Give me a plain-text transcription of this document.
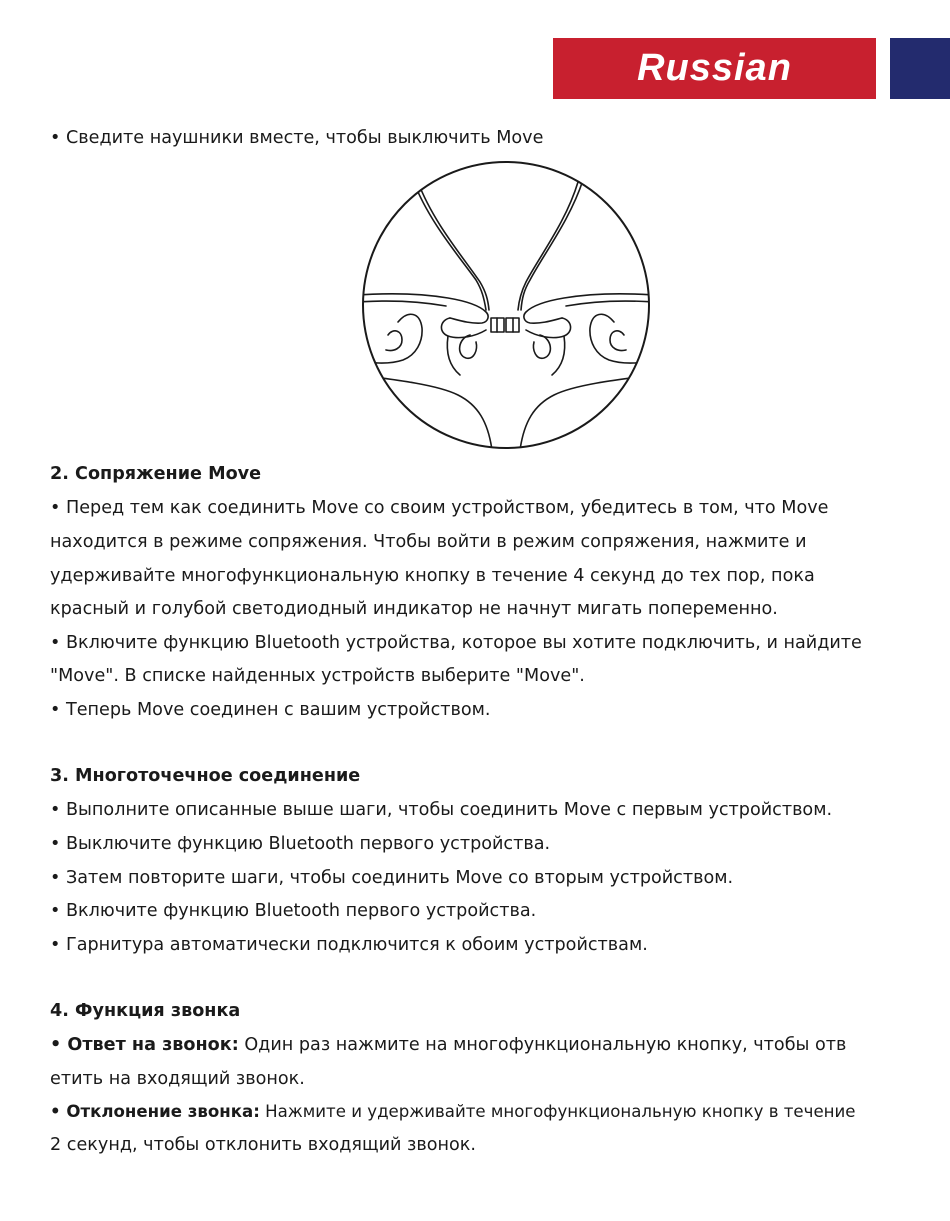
Russian
• Сведите наушники вместе, чтобы выключить Move
2. Сопряжение Move
• Перед тем как соединить Move со своим устройством, убедитесь в том, что Move
находится в режиме сопряжения. Чтобы войти в режим сопряжения, нажмите и
удерживайте многофункциональную кнопку в течение 4 секунд до тех пор, пока
красный и голубой светодиодный индикатор не начнут мигать попеременно.
• Включите функцию Bluetooth устройства, которое вы хотите подключить, и найдите
"Move". В списке найденных устройств выберите "Move".
• Теперь Move соединен с вашим устройством.
3. Многоточечное соединение
• Выполните описанные выше шаги, чтобы соединить Move с первым устройством.
• Выключите функцию Bluetooth первого устройства.
• Затем повторите шаги, чтобы соединить Move со вторым устройством.
• Включите функцию Bluetooth первого устройства.
• Гарнитура автоматически подключится к обоим устройствам.
4. Функция звонка
• Ответ на звонок: Один раз нажмите на многофункциональную кнопку, чтобы отв
етить на входящий звонок.
• Отклонение звонка: Нажмите и удерживайте многофункциональную кнопку в течение
2 секунд, чтобы отклонить входящий звонок.
